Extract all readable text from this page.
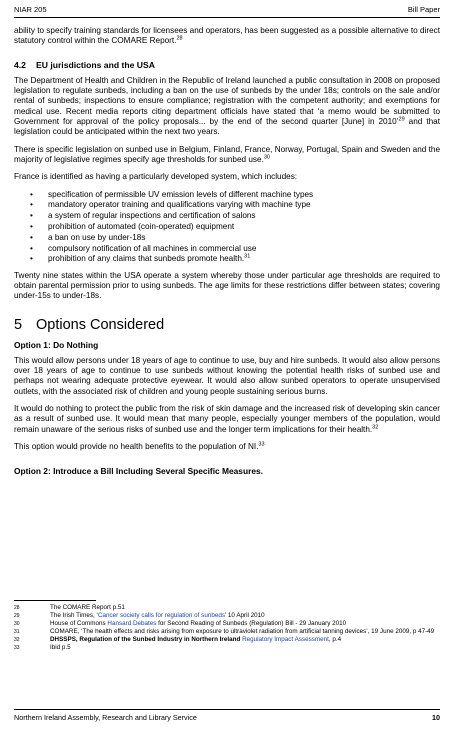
NIAR 205	Bill Paper

ability to specify training standards for licensees and operators, has been suggested as a possible alternative to direct statutory control within the COMARE Report.$^{28}$

4.2 EU jurisdictions and the USA

The Department of Health and Children in the Republic of Ireland launched a public consultation in 2008 on proposed legislation to regulate sunbeds, including a ban on the use of sunbeds by the under 18s; controls on the sale and/or rental of sunbeds; inspections to ensure compliance; registration with the competent authority; and exemptions for medical use. Recent media reports citing department officials have stated that ‘a memo would be submitted to Government for approval of the policy proposals... by the end of the second quarter [June] in 2010’$^{29}$ and that legislation could be anticipated within the next two years.

There is specific legislation on sunbed use in Belgium, Finland, France, Norway, Portugal, Spain and Sweden and the majority of legislative regimes specify age thresholds for sunbed use.$^{30}$

France is identified as having a particularly developed system, which includes:

• specification of permissible UV emission levels of different machine types
• mandatory operator training and qualifications varying with machine type
• a system of regular inspections and certification of salons
• prohibition of automated (coin-operated) equipment
• a ban on use by under-18s
• compulsory notification of all machines in commercial use
• prohibition of any claims that sunbeds promote health.$^{31}$

Twenty nine states within the USA operate a system whereby those under particular age thresholds are required to obtain parental permission prior to using sunbeds. The age limits for these restrictions differ between states; covering under-15s to under-18s.

5 Options Considered
Option 1: Do Nothing

This would allow persons under 18 years of age to continue to use, buy and hire sunbeds. It would also allow persons over 18 years of age to continue to use sunbeds without knowing the potential health risks of sunbed use and perhaps not wearing adequate protective eyewear. It would also allow sunbed operators to operate unsupervised outlets, with the associated risk of children and young people sustaining serious burns.

It would do nothing to protect the public from the risk of skin damage and the increased risk of developing skin cancer as a result of sunbed use. It would mean that many people, especially younger members of the population, would remain unaware of the serious risks of sunbed use and the longer term implications for their health.$^{32}$

This option would provide no health benefits to the population of NI.$^{33}$

Option 2: Introduce a Bill Including Several Specific Measures.
28	The COMARE Report p.51
29	The Irish Times, ‘Cancer society calls for regulation of sunbeds’ 10 April 2010
30	House of Commons Hansard Debates for Second Reading of Sunbeds (Regulation) Bill - 29 January 2010
31	COMARE, ‘The health effects and risks arising from exposure to ultraviolet radiation from artificial tanning devices’, 19 June 2009, p 47-49
32	DHSSPS, Regulation of the Sunbed Industry in Northern Ireland Regulatory Impact Assessment, p.4
33	Ibid p.5
Northern Ireland Assembly, Research and Library Service	10
